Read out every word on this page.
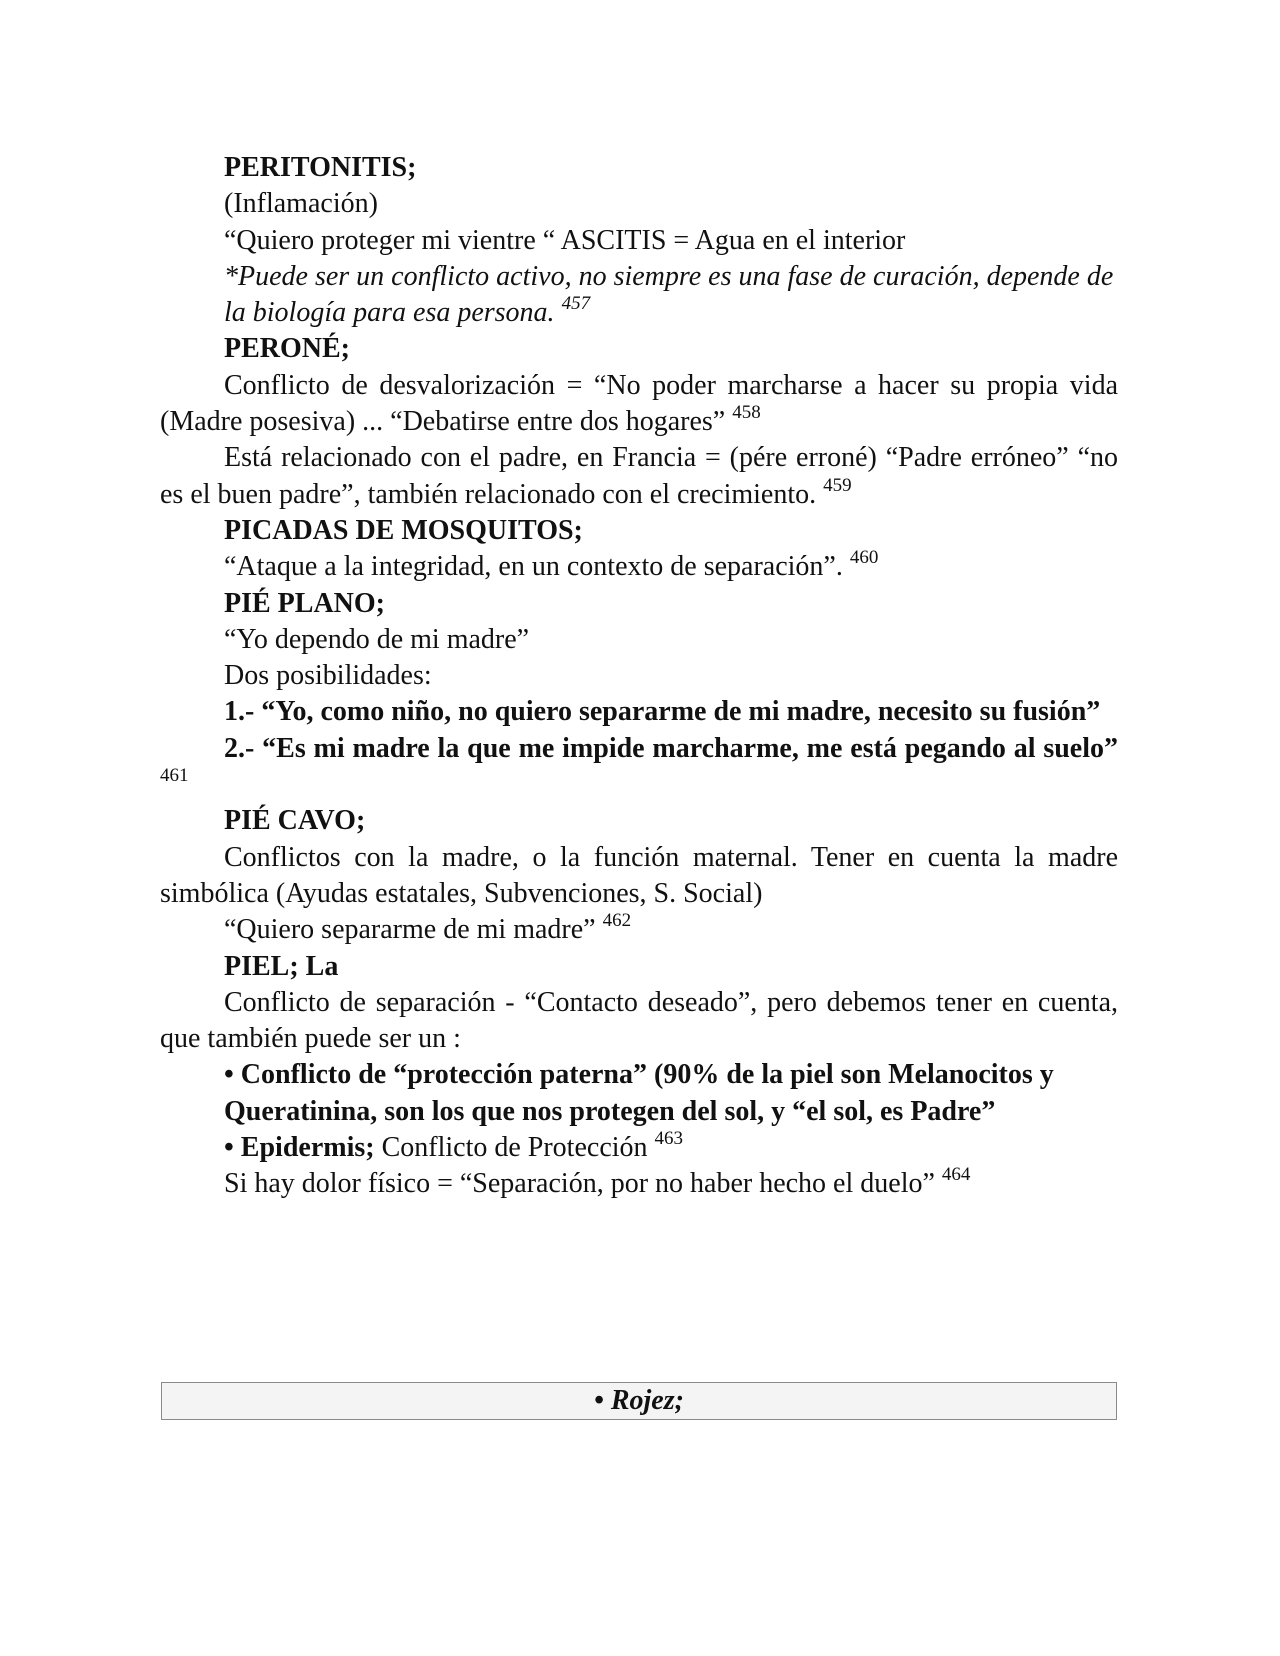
PERITONITIS;
(Inflamación)
“Quiero proteger mi vientre “ ASCITIS = Agua en el interior
*Puede ser un conflicto activo, no siempre es una fase de curación, depende de
la biología para esa persona. $^{457}$
PERONÉ;
Conflicto de desvalorización = “No poder marcharse a hacer su propia vida (Madre posesiva) ... “Debatirse entre dos hogares” $^{458}$
Está relacionado con el padre, en Francia = (pére erroné) “Padre erróneo” “no es el buen padre”, también relacionado con el crecimiento. $^{459}$
PICADAS DE MOSQUITOS;
“Ataque a la integridad, en un contexto de separación”. $^{460}$
PIÉ PLANO;
“Yo dependo de mi madre”
Dos posibilidades:
1.- “Yo, como niño, no quiero separarme de mi madre, necesito su fusión”
2.- “Es mi madre la que me impide marcharme, me está pegando al suelo” $^{461}$
PIÉ CAVO;
Conflictos con la madre, o la función maternal. Tener en cuenta la madre simbólica (Ayudas estatales, Subvenciones, S. Social)
“Quiero separarme de mi madre” $^{462}$
PIEL; La
Conflicto de separación - “Contacto deseado”, pero debemos tener en cuenta, que también puede ser un :
• Conflicto de “protección paterna” (90% de la piel son Melanocitos y
Queratinina, son los que nos protegen del sol, y “el sol, es Padre”
• Epidermis; Conflicto de Protección $^{463}$
Si hay dolor físico = “Separación, por no haber hecho el duelo” $^{464}$
• Rojez;
